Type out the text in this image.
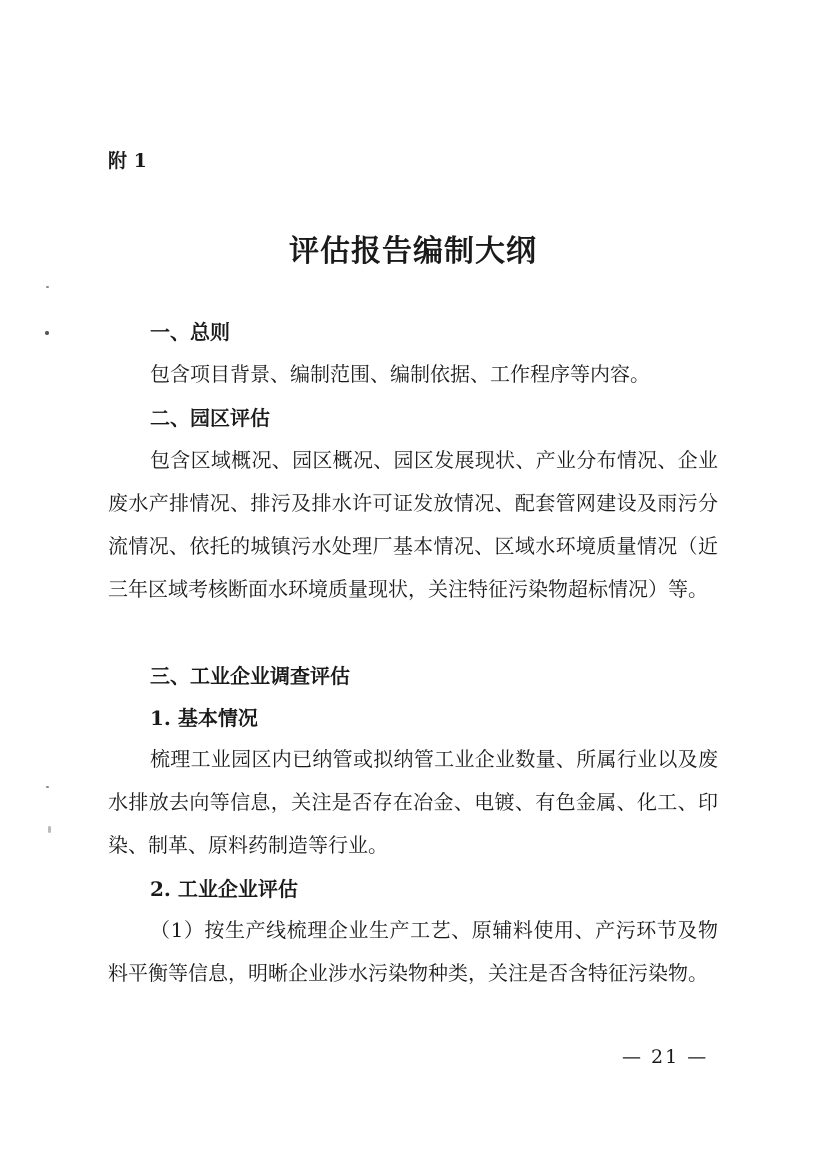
附 1
评估报告编制大纲
一、总则
包含项目背景、编制范围、编制依据、工作程序等内容。
二、园区评估
包含区域概况、园区概况、园区发展现状、产业分布情况、企业废水产排情况、排污及排水许可证发放情况、配套管网建设及雨污分流情况、依托的城镇污水处理厂基本情况、区域水环境质量情况（近三年区域考核断面水环境质量现状，关注特征污染物超标情况）等。
三、工业企业调查评估
1. 基本情况
梳理工业园区内已纳管或拟纳管工业企业数量、所属行业以及废水排放去向等信息，关注是否存在冶金、电镀、有色金属、化工、印染、制革、原料药制造等行业。
2. 工业企业评估
（1）按生产线梳理企业生产工艺、原辅料使用、产污环节及物料平衡等信息，明晰企业涉水污染物种类，关注是否含特征污染物。
— 21 —
